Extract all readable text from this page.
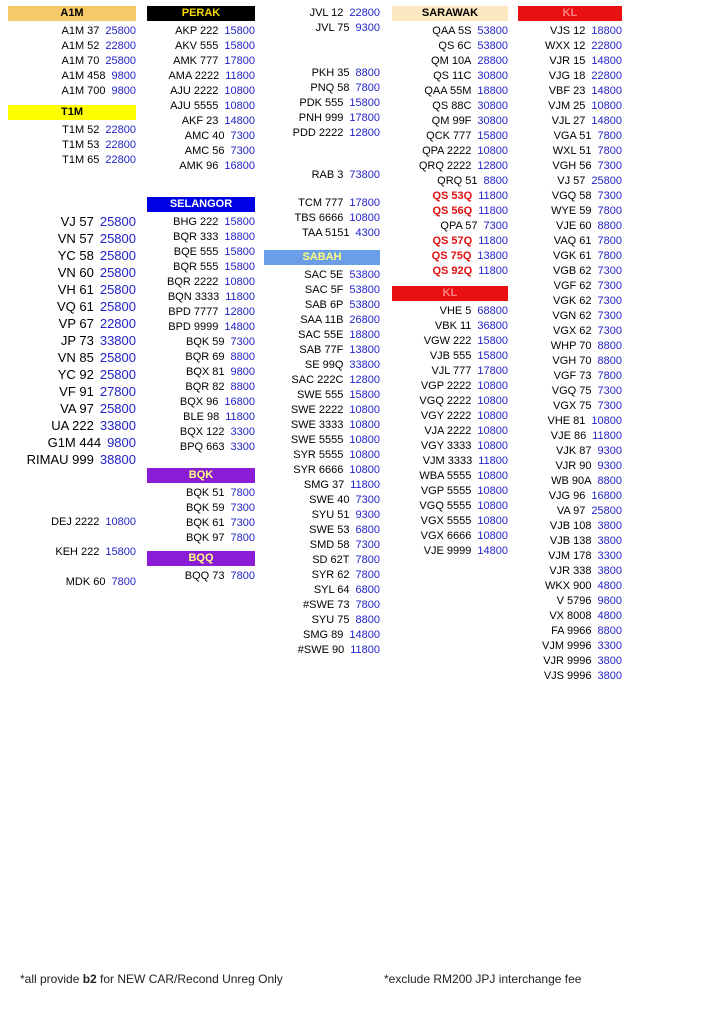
A1M
A1M 37 25800
A1M 52 22800
A1M 70 25800
A1M 458 9800
A1M 700 9800
T1M
T1M 52 22800
T1M 53 22800
T1M 65 22800
VJ 57 25800
VN 57 25800
YC 58 25800
VN 60 25800
VH 61 25800
VQ 61 25800
VP 67 22800
JP 73 33800
VN 85 25800
YC 92 25800
VF 91 27800
VA 97 25800
UA 222 33800
G1M 444 9800
RIMAU 999 38800
DEJ 2222 10800
KEH 222 15800
MDK 60 7800
PERAK
AKP 222 15800
AKV 555 15800
AMK 777 17800
AMA 2222 11800
AJU 2222 10800
AJU 5555 10800
AKF 23 14800
AMC 40 7300
AMC 56 7300
AMK 96 16800
SELANGOR
BHG 222 15800
BQR 333 18800
BQE 555 15800
BQR 555 15800
BQR 2222 10800
BQN 3333 11800
BPD 7777 12800
BPD 9999 14800
BQK 59 7300
BQR 69 8800
BQX 81 9800
BQR 82 8800
BQX 96 16800
BLE 98 11800
BQX 122 3300
BPQ 663 3300
BQK
BQK 51 7800
BQK 59 7300
BQK 61 7300
BQK 97 7800
BQQ
BQQ 73 7800
JVL 12 22800
JVL 75 9300
PKH 35 8800
PNQ 58 7800
PDK 555 15800
PNH 999 17800
PDD 2222 12800
RAB 3 73800
TCM 777 17800
TBS 6666 10800
TAA 5151 4300
SABAH
SAC 5E 53800
SAC 5F 53800
SAB 6P 53800
SAA 11B 26800
SAC 55E 18800
SAB 77F 13800
SE 99Q 33800
SAC 222C 12800
SWE 555 15800
SWE 2222 10800
SWE 3333 10800
SWE 5555 10800
SYR 5555 10800
SYR 6666 10800
SMG 37 11800
SWE 40 7300
SYU 51 9300
SWE 53 6800
SMD 58 7300
SD 62T 7800
SYR 62 7800
SYL 64 6800
#SWE 73 7800
SYU 75 8800
SMG 89 14800
#SWE 90 11800
SARAWAK
QAA 5S 53800
QS 6C 53800
QM 10A 28800
QS 11C 30800
QAA 55M 18800
QS 88C 30800
QM 99F 30800
QCK 777 15800
QPA 2222 10800
QRQ 2222 12800
QRQ 51 8800
QS 53Q 11800
QS 56Q 11800
QPA 57 7300
QS 57Q 11800
QS 75Q 13800
QS 92Q 11800
KL
VHE 5 68800
VBK 11 36800
VGW 222 15800
VJB 555 15800
VJL 777 17800
VGP 2222 10800
VGQ 2222 10800
VGY 2222 10800
VJA 2222 10800
VGY 3333 10800
VJM 3333 11800
WBA 5555 10800
VGP 5555 10800
VGQ 5555 10800
VGX 5555 10800
VGX 6666 10800
VJE 9999 14800
KL
VJS 12 18800
WXX 12 22800
VJR 15 14800
VJG 18 22800
VBF 23 14800
VJM 25 10800
VJL 27 14800
VGA 51 7800
WXL 51 7800
VGH 56 7300
VJ 57 25800
VGQ 58 7300
WYE 59 7800
VJE 60 8800
VAQ 61 7800
VGK 61 7800
VGB 62 7300
VGF 62 7300
VGK 62 7300
VGN 62 7300
VGX 62 7300
WHP 70 8800
VGH 70 8800
VGF 73 7800
VGQ 75 7300
VGX 75 7300
VHE 81 10800
VJE 86 11800
VJK 87 9300
VJR 90 9300
WB 90A 8800
VJG 96 16800
VA 97 25800
VJB 108 3800
VJB 138 3800
VJM 178 3300
VJR 338 3800
WKX 900 4800
V 5796 9800
VX 8008 4800
FA 9966 8800
VJM 9996 3300
VJR 9996 3800
VJS 9996 3800
*all provide b2 for NEW CAR/Recond Unreg Only	*exclude RM200 JPJ interchange fee
